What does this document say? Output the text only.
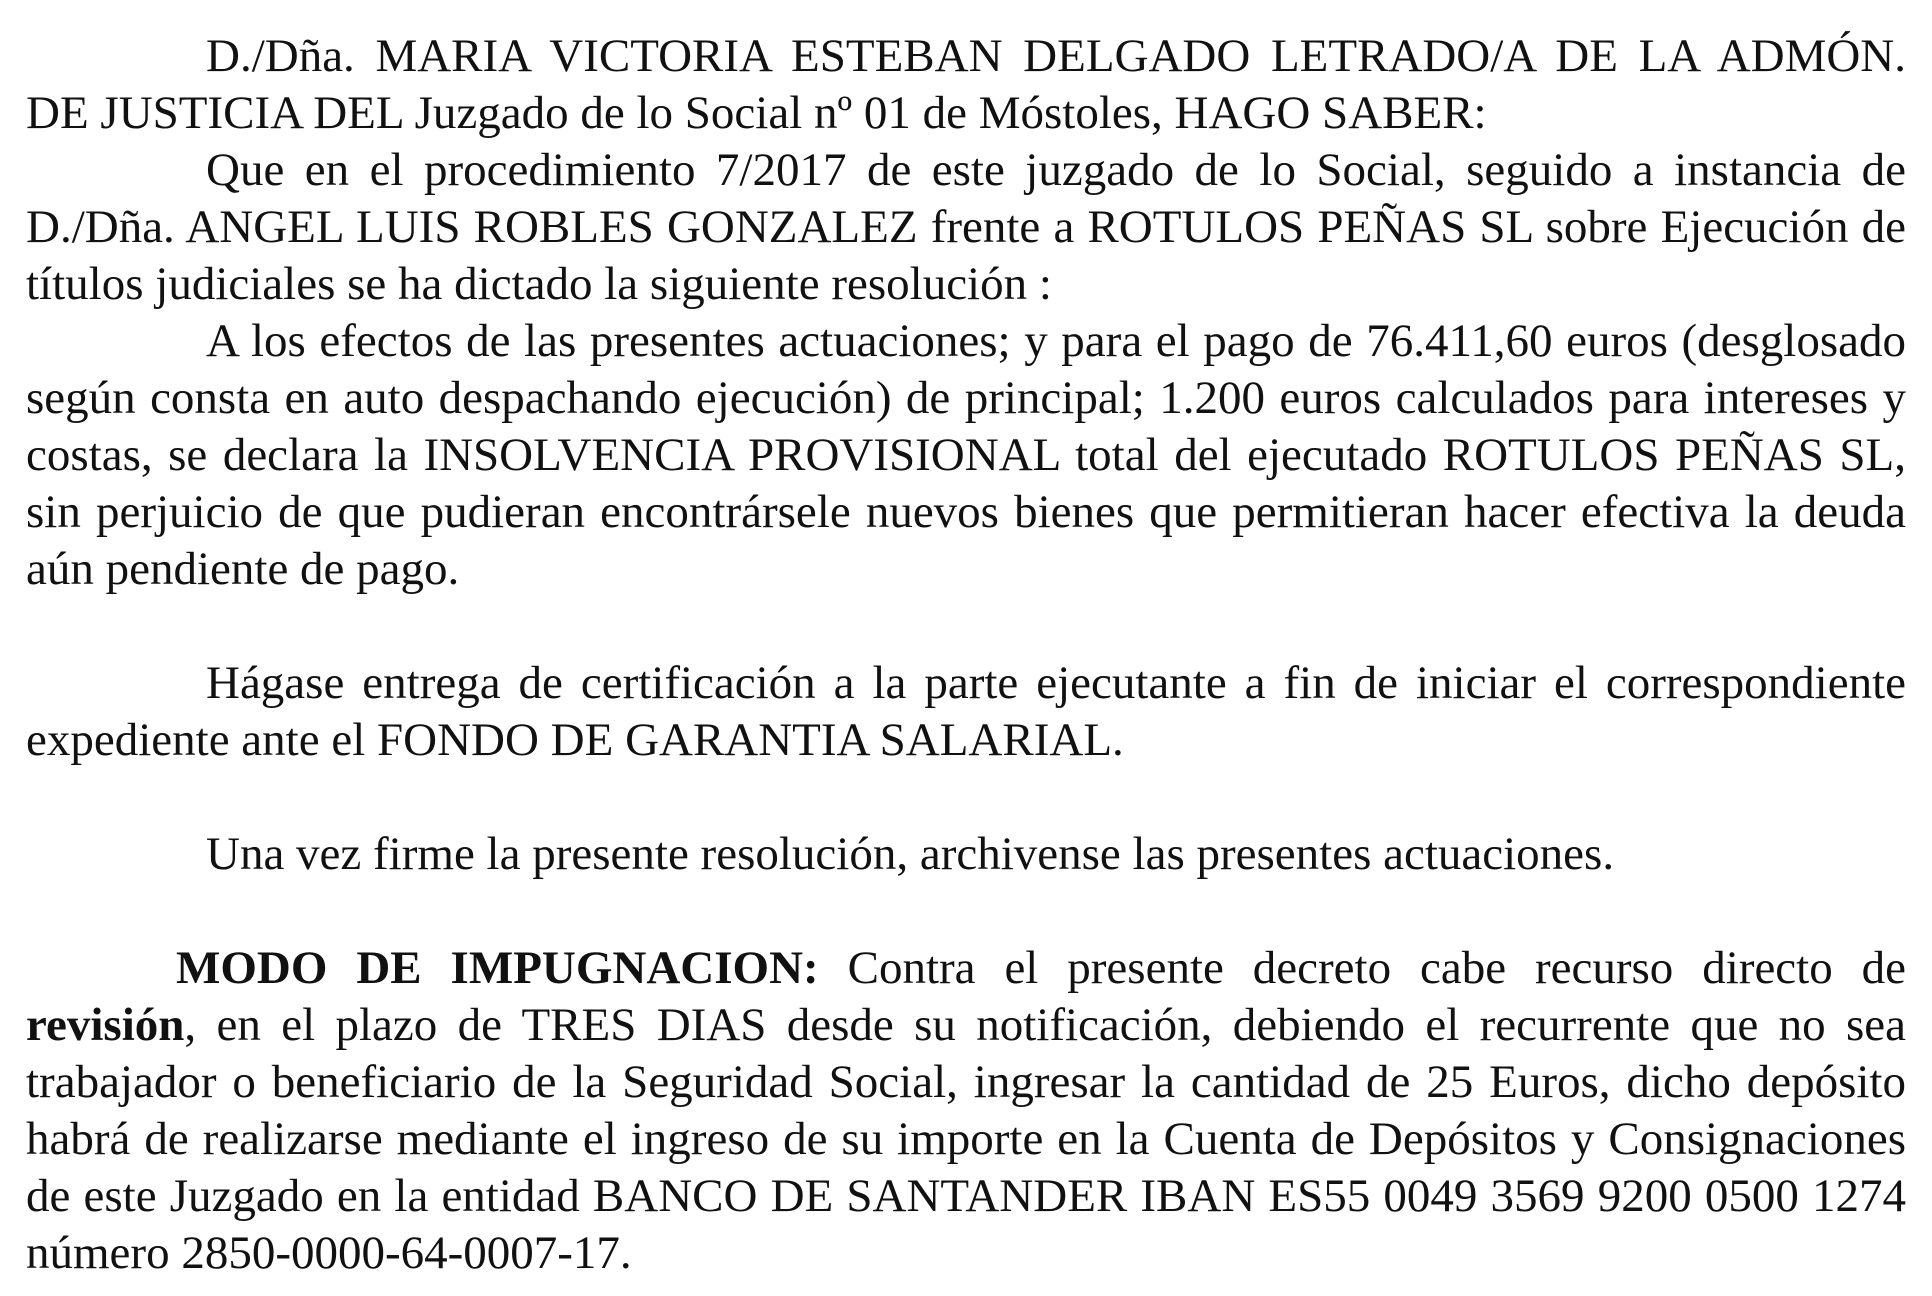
D./Dña. MARIA VICTORIA ESTEBAN DELGADO LETRADO/A DE LA ADMÓN. DE JUSTICIA DEL Juzgado de lo Social nº 01 de Móstoles, HAGO SABER:

Que en el procedimiento 7/2017 de este juzgado de lo Social, seguido a instancia de D./Dña. ANGEL LUIS ROBLES GONZALEZ frente a ROTULOS PEÑAS SL sobre Ejecución de títulos judiciales se ha dictado la siguiente resolución :

A los efectos de las presentes actuaciones; y para el pago de 76.411,60 euros (desglosado según consta en auto despachando ejecución) de principal; 1.200 euros calculados para intereses y costas, se declara la INSOLVENCIA PROVISIONAL total del ejecutado ROTULOS PEÑAS SL, sin perjuicio de que pudieran encontrársele nuevos bienes que permitieran hacer efectiva la deuda aún pendiente de pago.

Hágase entrega de certificación a la parte ejecutante a fin de iniciar el correspondiente expediente ante el FONDO DE GARANTIA SALARIAL.

Una vez firme la presente resolución, archivense las presentes actuaciones.

MODO DE IMPUGNACION: Contra el presente decreto cabe recurso directo de revisión, en el plazo de TRES DIAS desde su notificación, debiendo el recurrente que no sea trabajador o beneficiario de la Seguridad Social, ingresar la cantidad de 25 Euros, dicho depósito habrá de realizarse mediante el ingreso de su importe en la Cuenta de Depósitos y Consignaciones de este Juzgado en la entidad BANCO DE SANTANDER IBAN ES55 0049 3569 9200 0500 1274 número 2850-0000-64-0007-17.
